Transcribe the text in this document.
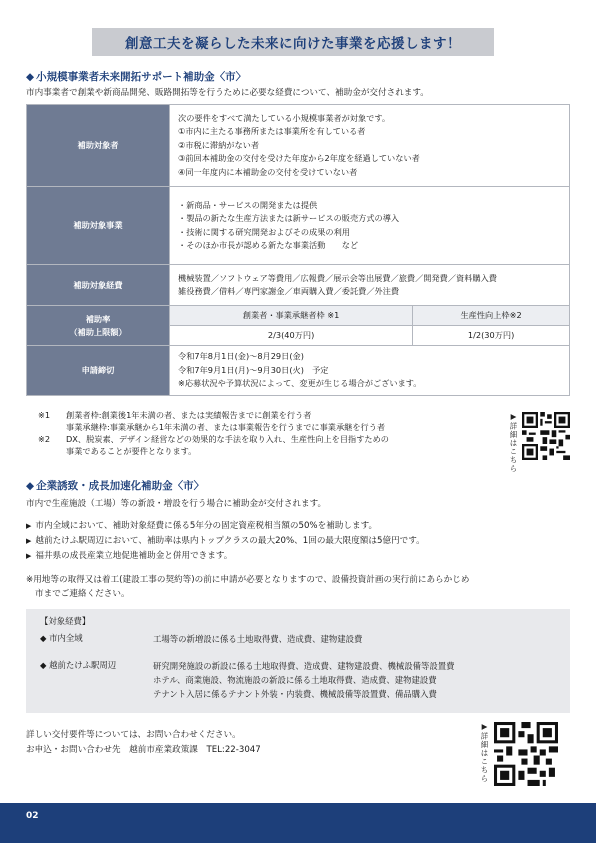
創意工夫を凝らした未来に向けた事業を応援します！
◆ 小規模事業者未来開拓サポート補助金〈市〉
市内事業者で創業や新商品開発、販路開拓等を行うために必要な経費について、補助金が交付されます。
補助対象者	次の要件をすべて満たしている小規模事業者が対象です。
①市内に主たる事務所または事業所を有している者
②市税に滞納がない者
③前回本補助金の交付を受けた年度から2年度を経過していない者
④同一年度内に本補助金の交付を受けていない者	

補助対象事業	・新商品・サービスの開発または提供
・製品の新たな生産方法または新サービスの販売方式の導入
・技術に関する研究開発およびその成果の利用
・そのほか市長が認める新たな事業活動　　など	

補助対象経費	機械装置／ソフトウェア等費用／広報費／展示会等出展費／旅費／開発費／資料購入費
雑役務費／借料／専門家謝金／車両購入費／委託費／外注費	

補助率
（補助上限額）	創業者・事業承継者枠 ※1	生産性向上枠※2
	2/3(40万円)	1/2(30万円)
申請締切	令和7年8月1日(金)～8月29日(金)
令和7年9月1日(月)～9月30日(火)　予定
※応募状況や予算状況によって、変更が生じる場合がございます。	
※1	創業者枠:創業後1年未満の者、または実績報告までに創業を行う者
事業承継枠:事業承継から1年未満の者、または事業報告を行うまでに事業承継を行う者
※2	DX、脱炭素、デザイン経営などの効果的な手法を取り入れ、生産性向上を目指すための
事業であることが要件となります。	▶詳細はこちら
◆ 企業誘致・成長加速化補助金〈市〉
市内で生産施設（工場）等の新設・増設を行う場合に補助金が交付されます。
▶ 市内全域において、補助対象経費に係る5年分の固定資産税相当額の50%を補助します。
▶ 越前たけふ駅周辺において、補助率は県内トップクラスの最大20%、1回の最大限度額は5億円です。
▶ 福井県の成長産業立地促進補助金と併用できます。
※用地等の取得又は着工(建設工事の契約等)の前に申請が必要となりますので、設備投資計画の実行前にあらかじめ
市までご連絡ください。
【対象経費】
◆ 市内全域	工場等の新増設に係る土地取得費、造成費、建物建設費
◆ 越前たけふ駅周辺	研究開発施設の新設に係る土地取得費、造成費、建物建設費、機械設備等設置費
ホテル、商業施設、物流施設の新設に係る土地取得費、造成費、建物建設費
テナント入居に係るテナント外装・内装費、機械設備等設置費、備品購入費
詳しい交付要件等については、お問い合わせください。
お申込・お問い合わせ先　越前市産業政策課　TEL:22-3047	▶詳細はこちら
02
